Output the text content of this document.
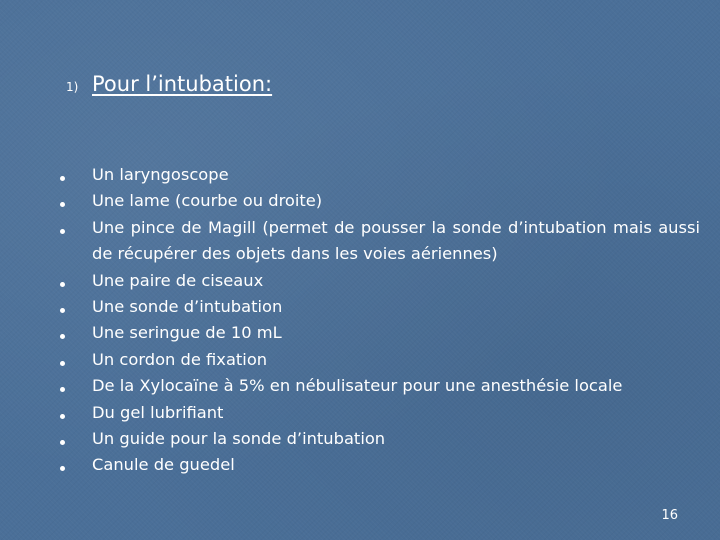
1) Pour l’intubation:
Un laryngoscope
Une lame (courbe ou droite)
Une pince de Magill (permet de pousser la sonde d’intubation mais aussi de récupérer des objets dans les voies aériennes)
Une paire de ciseaux
Une sonde d’intubation
Une seringue de 10 mL
Un cordon de fixation
De la Xylocaïne à 5% en nébulisateur pour une anesthésie locale
Du gel lubrifiant
Un guide pour la sonde d’intubation
Canule de guedel
16
